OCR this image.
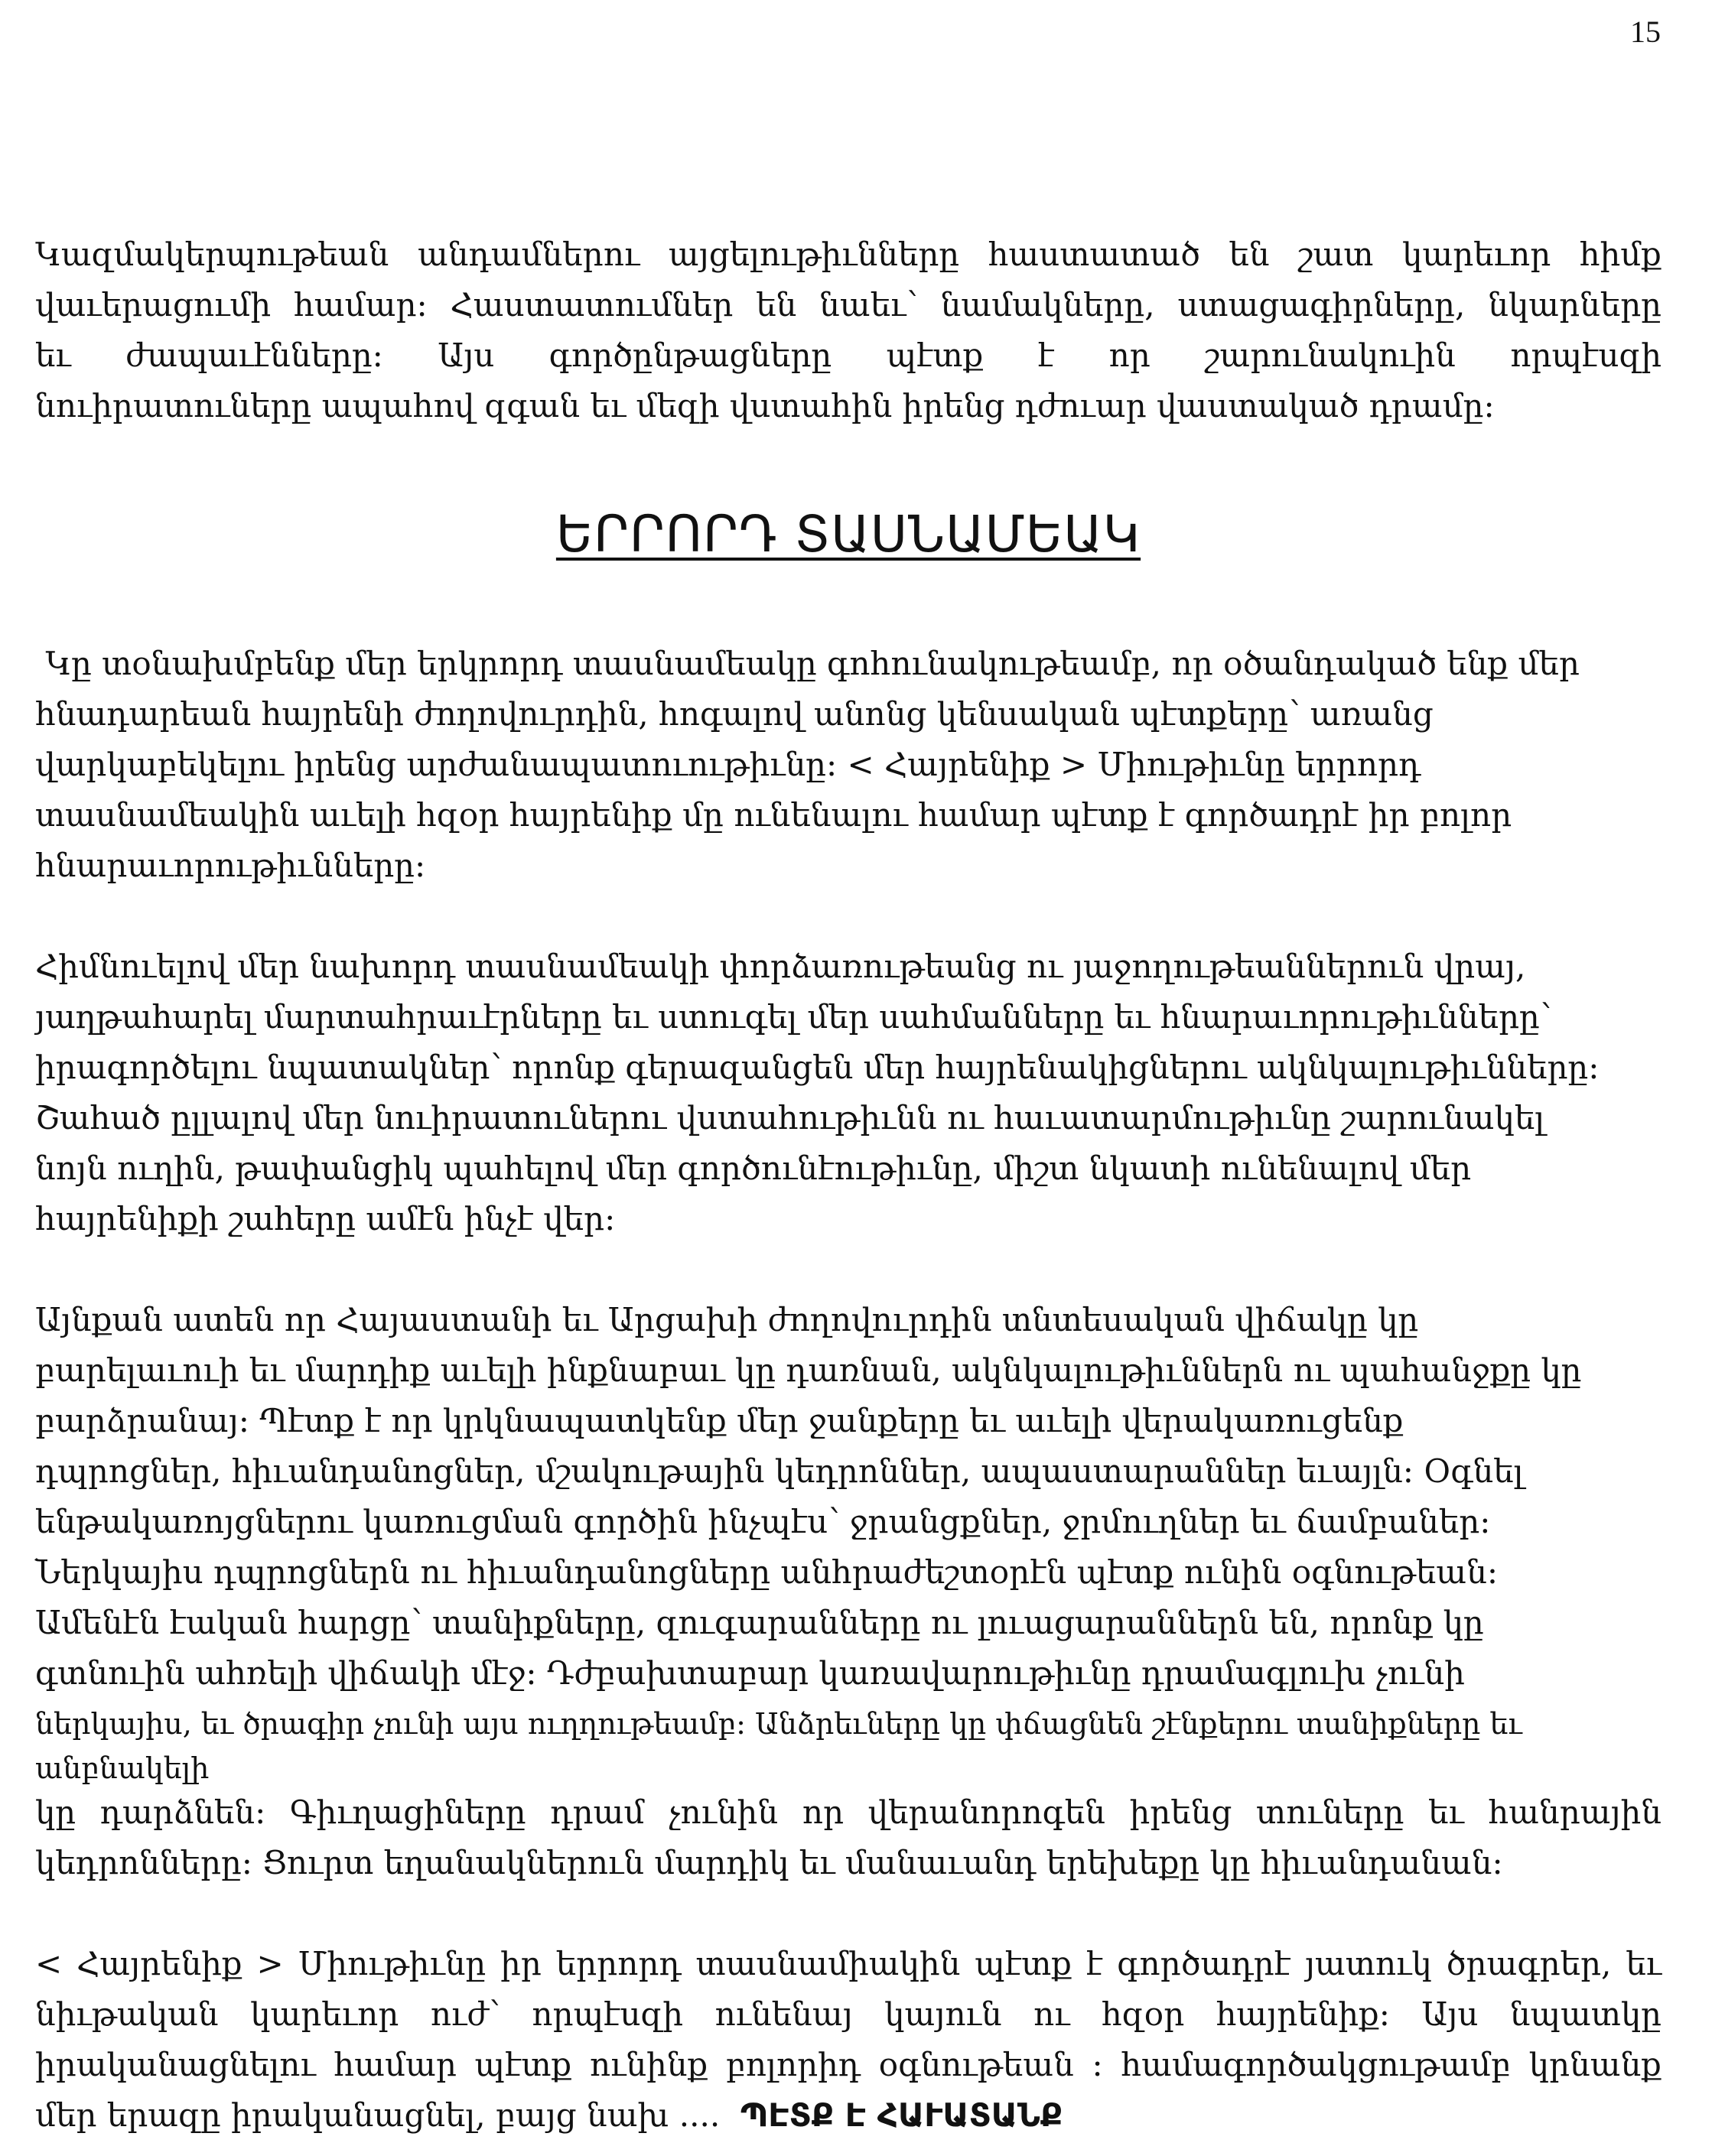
15

Կազմակերպութեան անդամներու այցելութիւնները հաստատած են շատ կարեւոր հիմք
վաւերացումի համար: Հաստատումներ են նաեւ՝ նամակները, ստացագիրները, նկարները
եւ ժապաւէնները: Այս գործընթացները պէտք է որ շարունակուին որպէսզի
նուիրատուները ապահով զգան եւ մեզի վստահին իրենց դժուար վաստակած դրամը:

ԵՐՐՈՐԴ ՏԱՍՆԱՄԵԱԿ

Կը տօնախմբենք մեր երկրորդ տասնամեակը գոհունակութեամբ, որ օծանդակած ենք մեր
հնադարեան հայրենի ժողովուրդին, հոգալով անոնց կենսական պէտքերը՝ առանց
վարկաբեկելու իրենց արժանապատուութիւնը: < Հայրենիք > Միութիւնը երրորդ
տասնամեակին աւելի հզօր հայրենիք մը ունենալու համար պէտք է գործադրէ իր բոլոր
հնարաւորութիւնները:

Հիմնուելով մեր նախորդ տասնամեակի փորձառութեանց ու յաջողութեաններուն վրայ,
յաղթահարել մարտահրաւէրները եւ ստուգել մեր սահմանները եւ հնարաւորութիւնները՝
իրագործելու նպատակներ՝ որոնք գերազանցեն մեր հայրենակիցներու ակնկալութիւնները:
Շահած ըլլալով մեր նուիրատուներու վստահութիւնն ու հաւատարմութիւնը շարունակել
նոյն ուղին, թափանցիկ պահելով մեր գործունէութիւնը, միշտ նկատի ունենալով մեր
հայրենիքի շահերը ամէն ինչէ վեր:

Այնքան ատեն որ Հայաստանի եւ Արցախի ժողովուրդին տնտեսական վիճակը կը
բարելաւուի եւ մարդիք աւելի ինքնաբաւ կը դառնան, ակնկալութիւններն ու պահանջքը կը
բարձրանայ: Պէտք է որ կրկնապատկենք մեր ջանքերը եւ աւելի վերակառուցենք
դպրոցներ, հիւանդանոցներ, մշակութային կեդրոններ, ապաստարաններ եւայլն: Օգնել
ենթակառոյցներու կառուցման գործին ինչպէս՝ ջրանցքներ, ջրմուղներ եւ ճամբաներ:
Ներկայիս դպրոցներն ու հիւանդանոցները անհրաժեշտօրէն պէտք ունին օգնութեան:
Ամենէն էական հարցը՝ տանիքները, զուգարանները ու լուացարաններն են, որոնք կը
գտնուին ահռելի վիճակի մէջ: Դժբախտաբար կառավարութիւնը դրամագլուխ չունի
ներկայիս, եւ ծրագիր չունի այս ուղղութեամբ: Անձրեւները կը փճացնեն շէնքերու տանիքները եւ
անբնակելի
կը դարձնեն: Գիւղացիները դրամ չունին որ վերանորոգեն իրենց տուները եւ հանրային
կեդրոնները: Ցուրտ եղանակներուն մարդիկ եւ մանաւանդ երեխեքը կը հիւանդանան:

< Հայրենիք > Միութիւնը իր երրորդ տասնամիակին պէտք է գործադրէ յատուկ ծրագրեր, եւ
նիւթական կարեւոր ուժ՝ որպէսզի ունենայ կայուն ու հզօր հայրենիք: Այս նպատկը
իրականացնելու համար պէտք ունինք բոլորիդ օգնութեան ։ համագործակցութամբ կրնանք
մեր երազը իրականացնել, բայց նախ ....  ՊԷՏՔ Է ՀԱՒԱՏԱՆՔ
